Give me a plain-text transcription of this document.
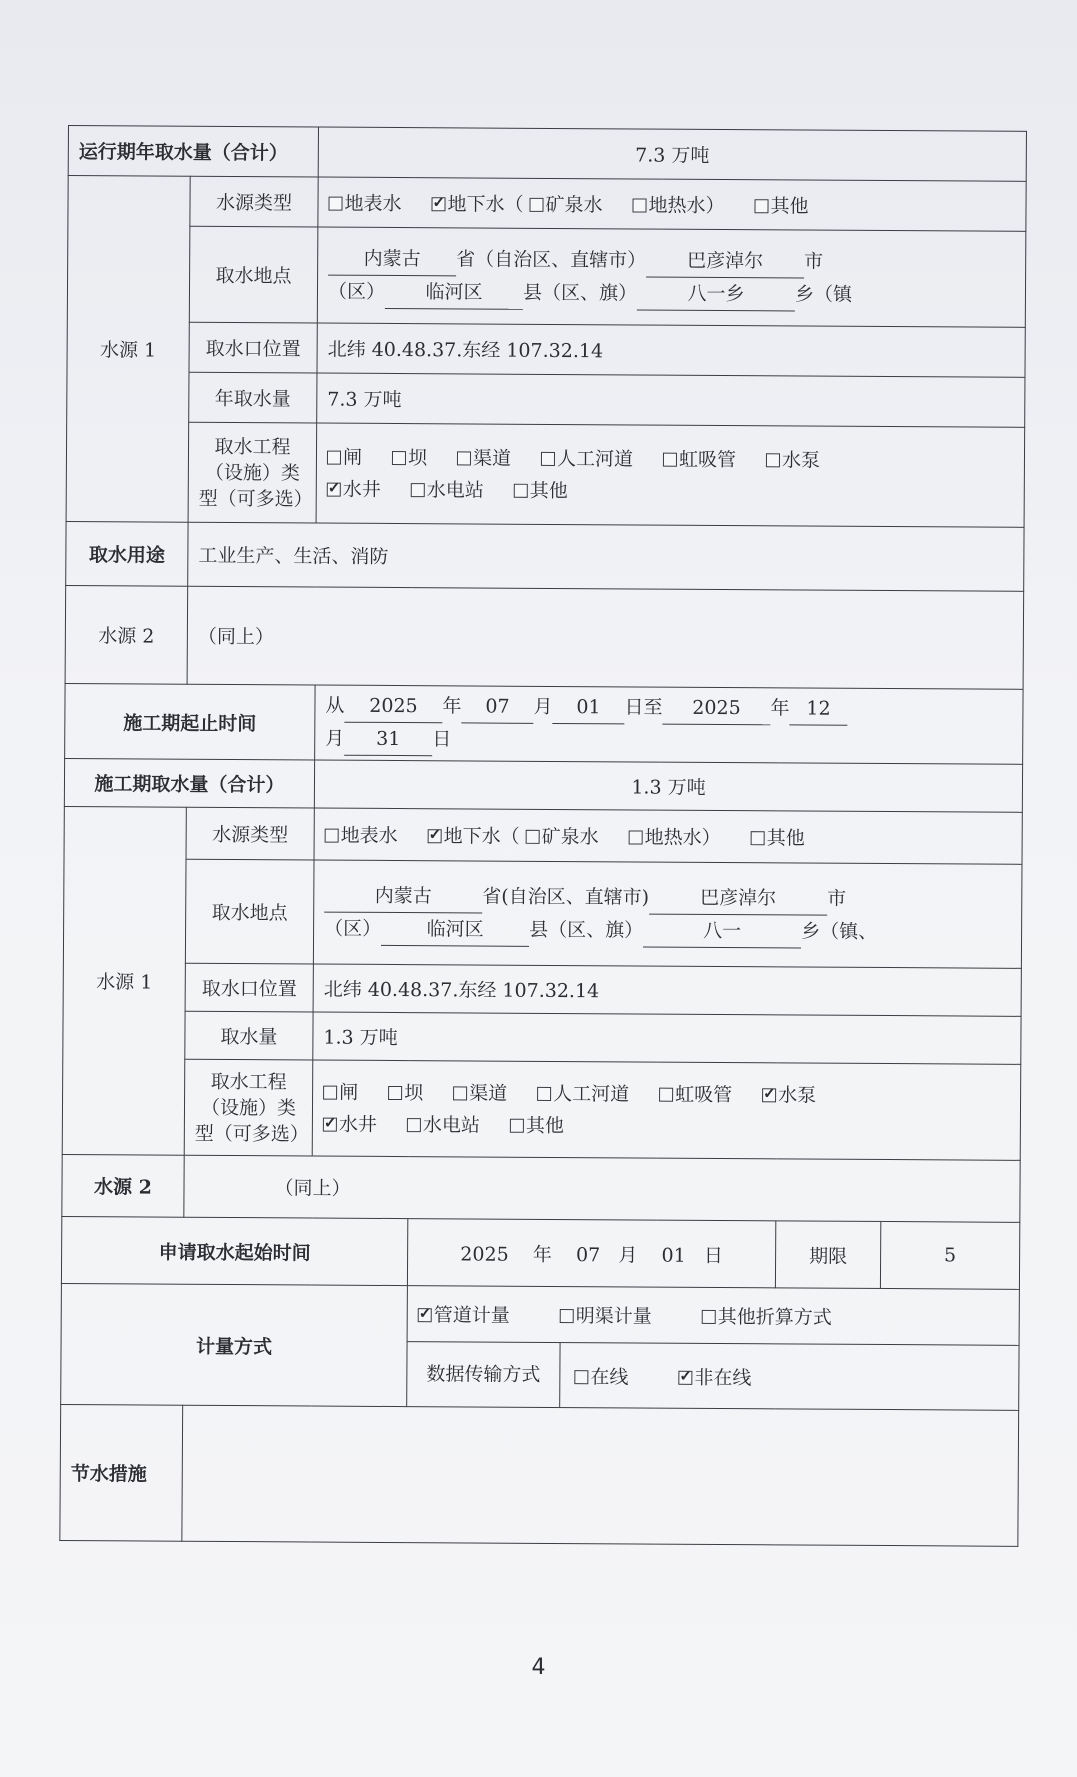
运行期年取水量（合计）		7.3 万吨		
水源 1	水源类型	地表水 ✓ 地下水（ 矿泉水 地热水） 其他
	取水地点	内蒙古 省（自治区、直辖市） 巴彦淖尔 市
（区） 临河区 县（区、旗） 八一乡 乡（镇		

	取水口位置	北纬 40.48.37.东经 107.32.14		
	年取水量	7.3 万吨		
	取水工程（设施）类型（可多选）	闸 坝 渠道 人工河道 虹吸管 水泵
✓水井 水电站 其他

取水用途	工业生产、生活、消防			
水源 2	（同上）			
施工期起止时间		从 2025 年 07 月 01 日至 2025 年 12
月 31 日		

施工期取水量（合计）		1.3 万吨		
水源 1	水源类型	地表水 ✓ 地下水（ 矿泉水 地热水） 其他
	取水地点	内蒙古 省(自治区、直辖市) 巴彦淖尔 市
（区） 临河区 县（区、旗） 八一 乡（镇、		

	取水口位置	北纬 40.48.37.东经 107.32.14		
	取水量	1.3 万吨		
	取水工程（设施）类型（可多选）	闸 坝 渠道 人工河道 虹吸管 ✓ 水泵
✓水井 水电站 其他

水源 2	（同上）			
申请取水起始时间			2025 年 07 月 01 日	期限 5

计量方式	✓管道计量 明渠计量 其他折算方式

数据传输方式 在线 ✓ 非在线

节水措施				
4
